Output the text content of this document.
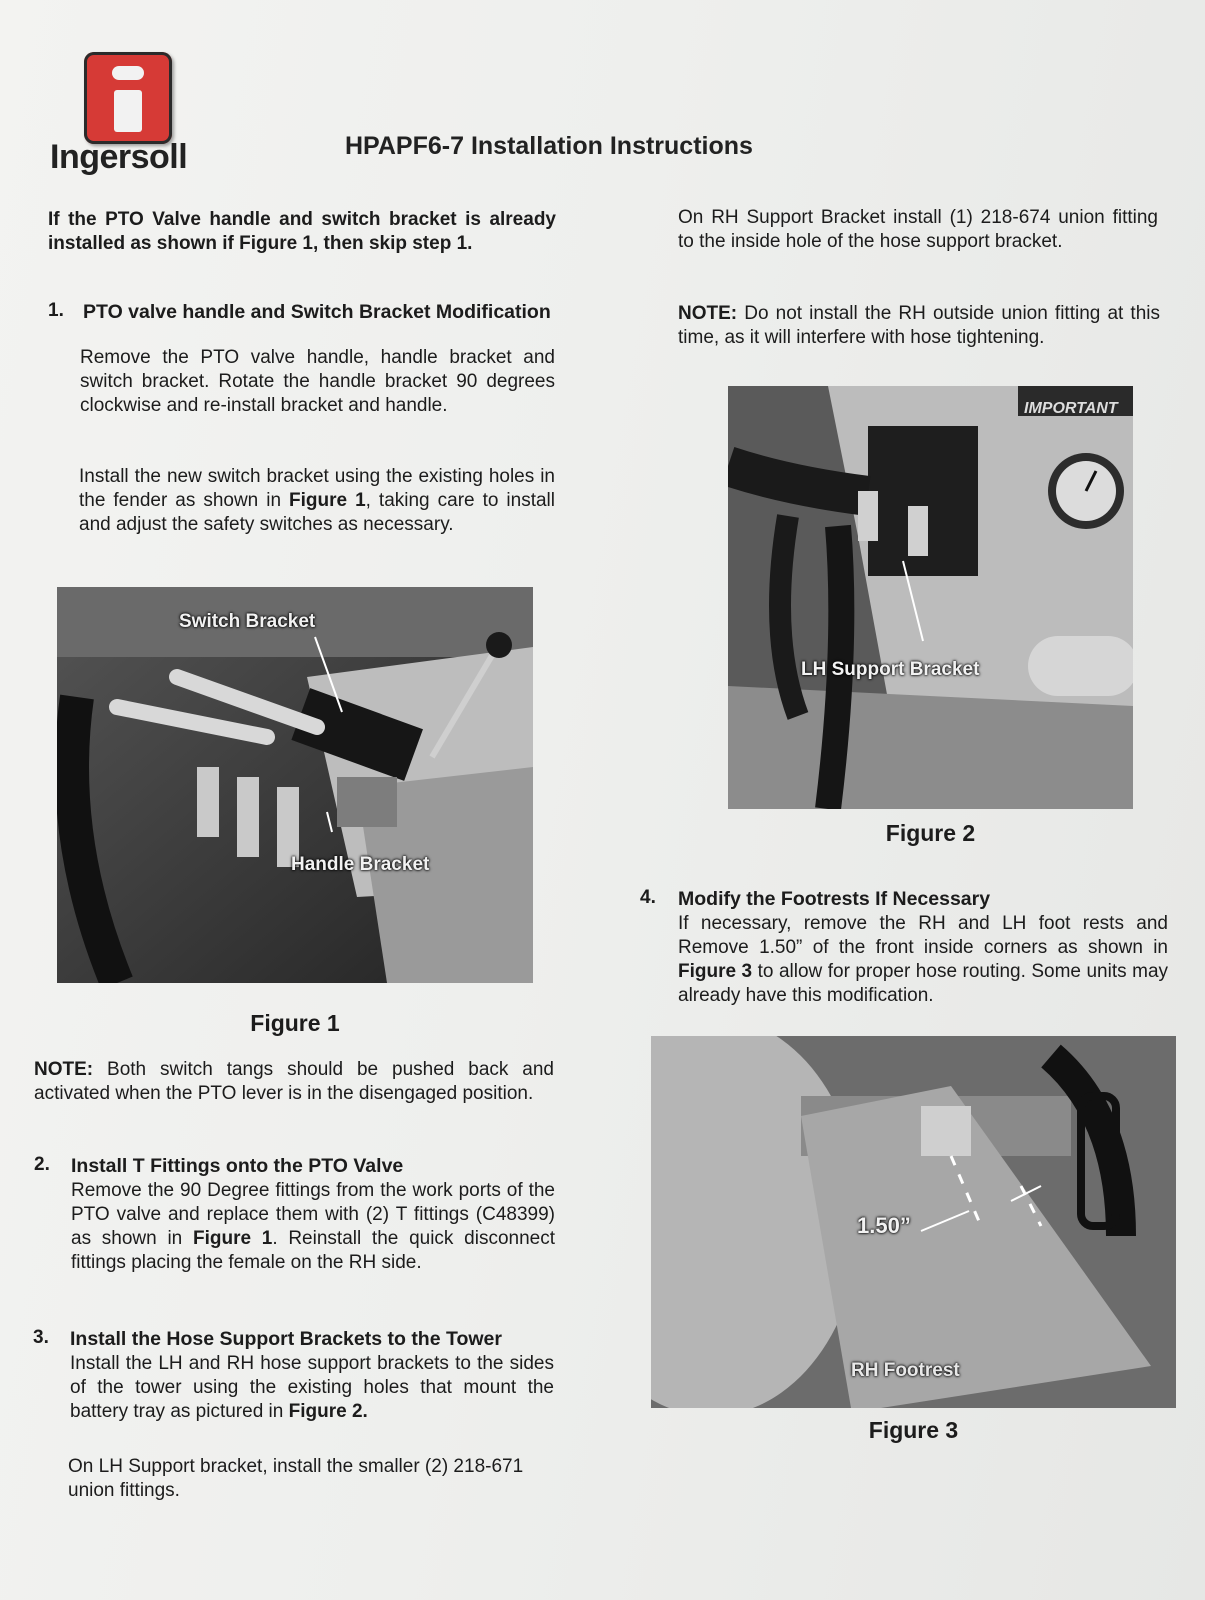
Ingersoll	HPAPF6-7 Installation Instructions
If the PTO Valve handle and switch bracket is already installed as shown if Figure 1, then skip step 1.
1. PTO valve handle and Switch Bracket Modification
Remove the PTO valve handle, handle bracket and switch bracket. Rotate the handle bracket 90 degrees clockwise and re-install bracket and handle.
Install the new switch bracket using the existing holes in the fender as shown in Figure 1, taking care to install and adjust the safety switches as necessary.
Switch Bracket
Handle Bracket
Figure 1
NOTE: Both switch tangs should be pushed back and activated when the PTO lever is in the disengaged position.
2. Install T Fittings onto the PTO Valve
Remove the 90 Degree fittings from the work ports of the PTO valve and replace them with (2) T fittings (C48399) as shown in Figure 1. Reinstall the quick disconnect fittings placing the female on the RH side.
3. Install the Hose Support Brackets to the Tower
Install the LH and RH hose support brackets to the sides of the tower using the existing holes that mount the battery tray as pictured in Figure 2.
On LH Support bracket, install the smaller (2) 218-671 union fittings.
On RH Support Bracket install (1) 218-674 union fitting to the inside hole of the hose support bracket.
NOTE: Do not install the RH outside union fitting at this time, as it will interfere with hose tightening.
IMPORTANT
LH Support Bracket
Figure 2
4. Modify the Footrests If Necessary
If necessary, remove the RH and LH foot rests and Remove 1.50” of the front inside corners as shown in Figure 3 to allow for proper hose routing. Some units may already have this modification.
1.50”
RH Footrest
Figure 3
